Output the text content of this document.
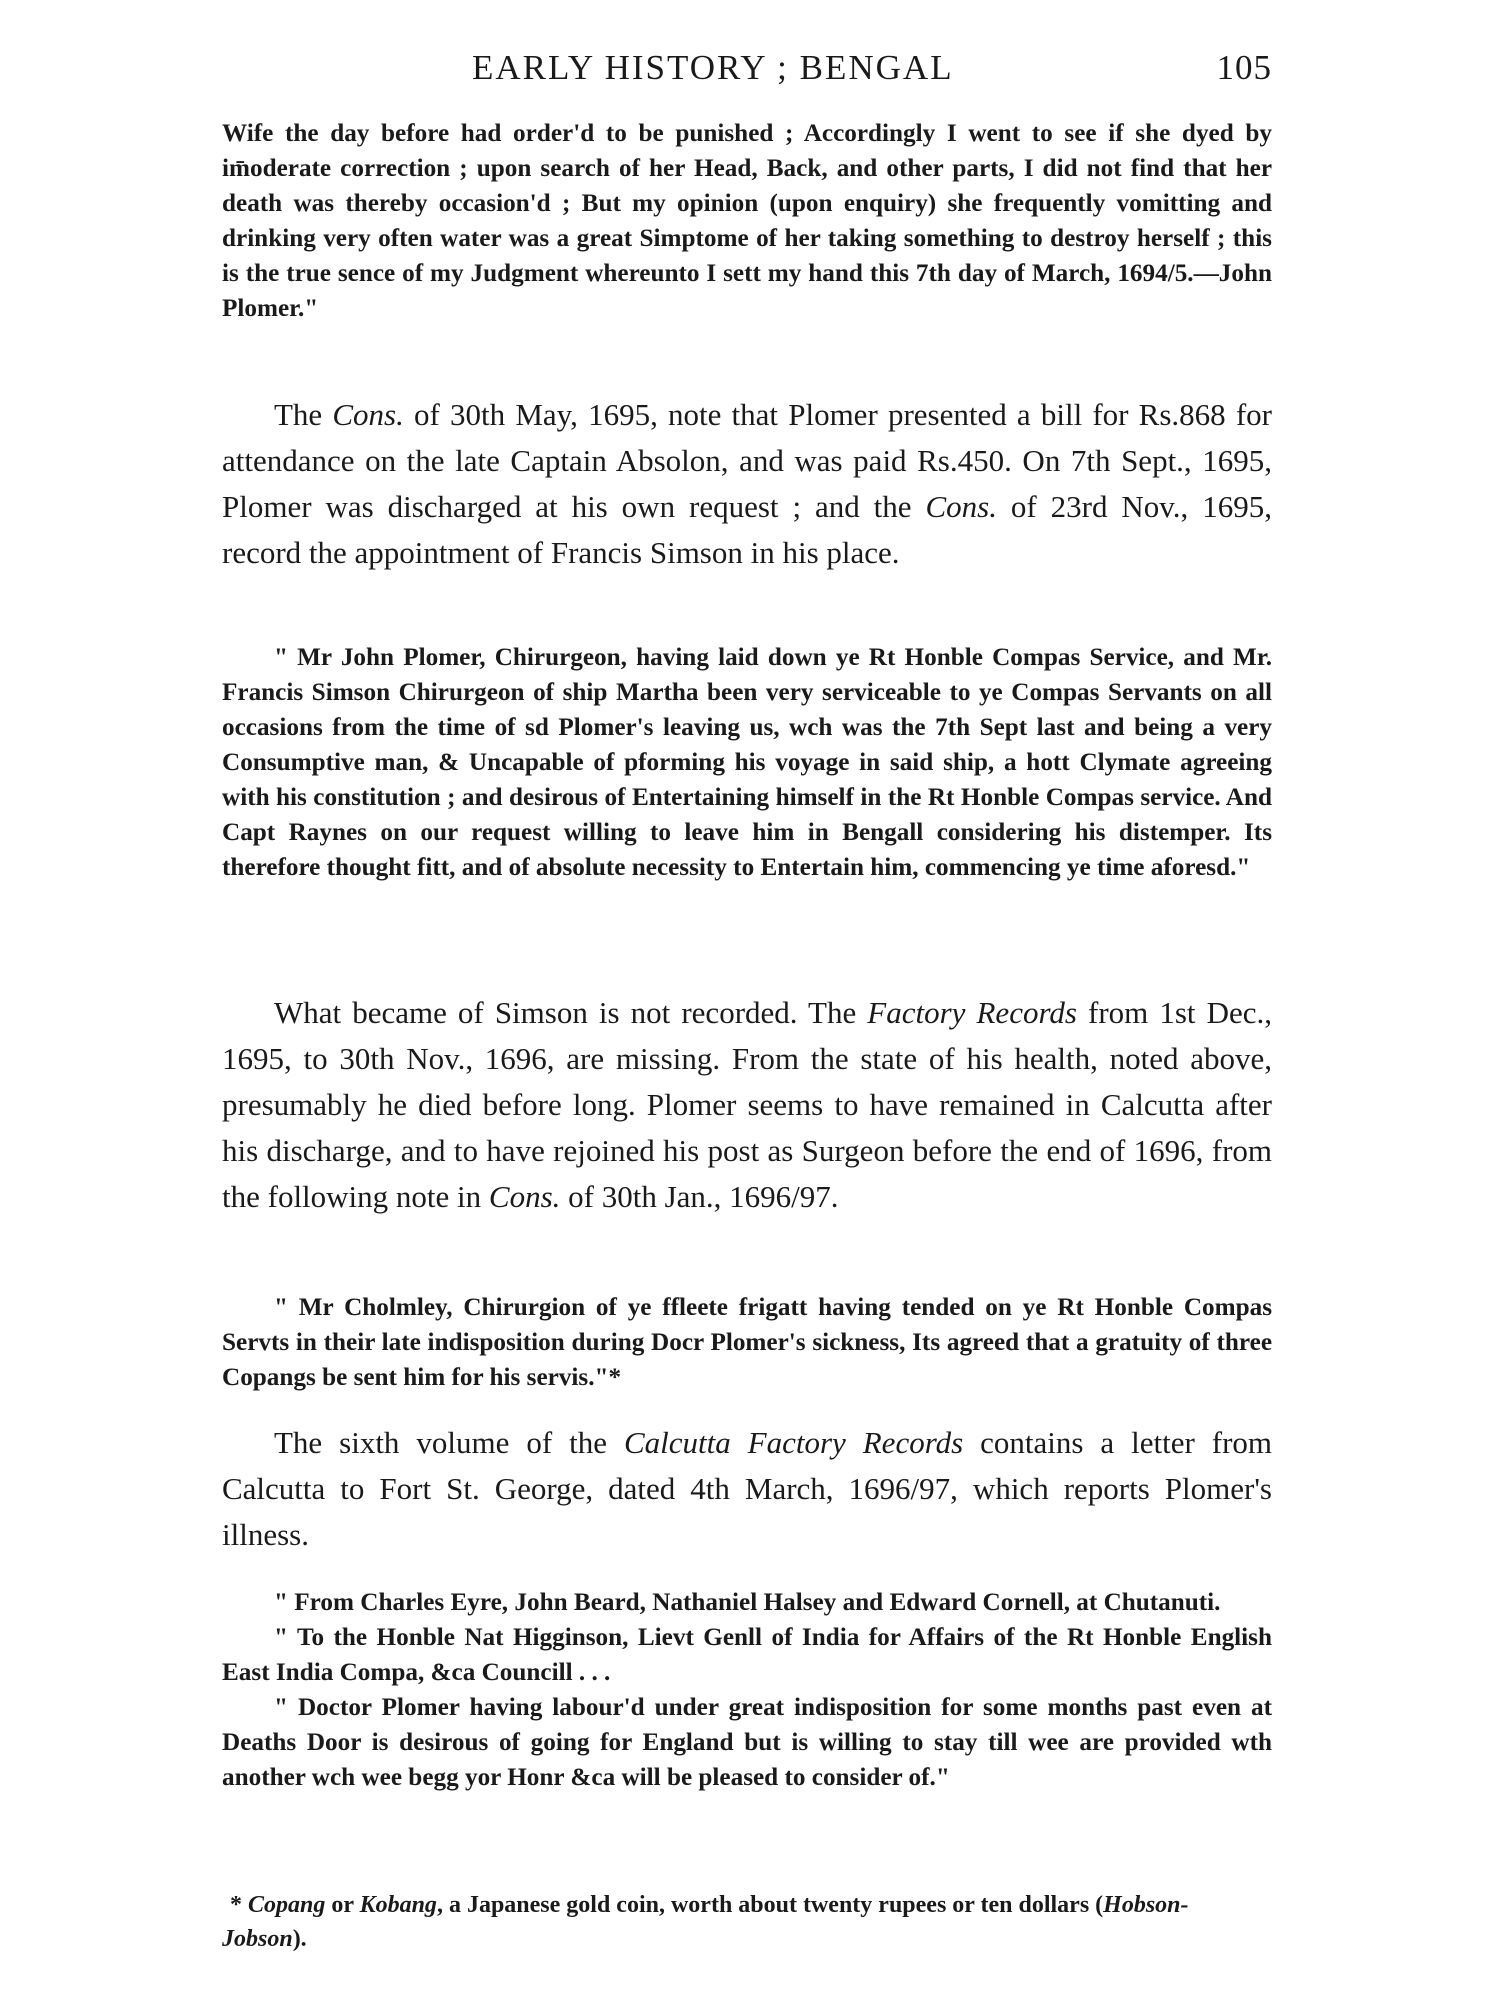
EARLY HISTORY ; BENGAL	105

Wife the day before had order'd to be punished ; Accordingly I went to see if she dyed by im̄oderate correction ; upon search of her Head, Back, and other parts, I did not find that her death was thereby occasion'd ; But my opinion (upon enquiry) she frequently vomitting and drinking very often water was a great Simptome of her taking something to destroy herself ; this is the true sence of my Judgment whereunto I sett my hand this 7th day of March, 1694/5.—John Plomer."

The Cons. of 30th May, 1695, note that Plomer presented a bill for Rs.868 for attendance on the late Captain Absolon, and was paid Rs.450. On 7th Sept., 1695, Plomer was discharged at his own request ; and the Cons. of 23rd Nov., 1695, record the appointment of Francis Simson in his place.

" Mr John Plomer, Chirurgeon, having laid down ye Rt Honble Compas Service, and Mr. Francis Simson Chirurgeon of ship Martha been very serviceable to ye Compas Servants on all occasions from the time of sd Plomer's leaving us, wch was the 7th Sept last and being a very Consumptive man, & Uncapable of pforming his voyage in said ship, a hott Clymate agreeing with his constitution ; and desirous of Entertaining himself in the Rt Honble Compas service. And Capt Raynes on our request willing to leave him in Bengall considering his distemper. Its therefore thought fitt, and of absolute necessity to Entertain him, commencing ye time aforesd."

What became of Simson is not recorded. The Factory Records from 1st Dec., 1695, to 30th Nov., 1696, are missing. From the state of his health, noted above, presumably he died before long. Plomer seems to have remained in Calcutta after his discharge, and to have rejoined his post as Surgeon before the end of 1696, from the following note in Cons. of 30th Jan., 1696/97.

" Mr Cholmley, Chirurgion of ye ffleete frigatt having tended on ye Rt Honble Compas Servts in their late indisposition during Docr Plomer's sickness, Its agreed that a gratuity of three Copangs be sent him for his servis."*

The sixth volume of the Calcutta Factory Records contains a letter from Calcutta to Fort St. George, dated 4th March, 1696/97, which reports Plomer's illness.

" From Charles Eyre, John Beard, Nathaniel Halsey and Edward Cornell, at Chutanuti.

" To the Honble Nat Higginson, Lievt Genll of India for Affairs of the Rt Honble English East India Compa, &ca Councill . . .

" Doctor Plomer having labour'd under great indisposition for some months past even at Deaths Door is desirous of going for England but is willing to stay till wee are provided wth another wch wee begg yor Honr &ca will be pleased to consider of."

* Copang or Kobang, a Japanese gold coin, worth about twenty rupees or ten dollars (Hobson-Jobson).
